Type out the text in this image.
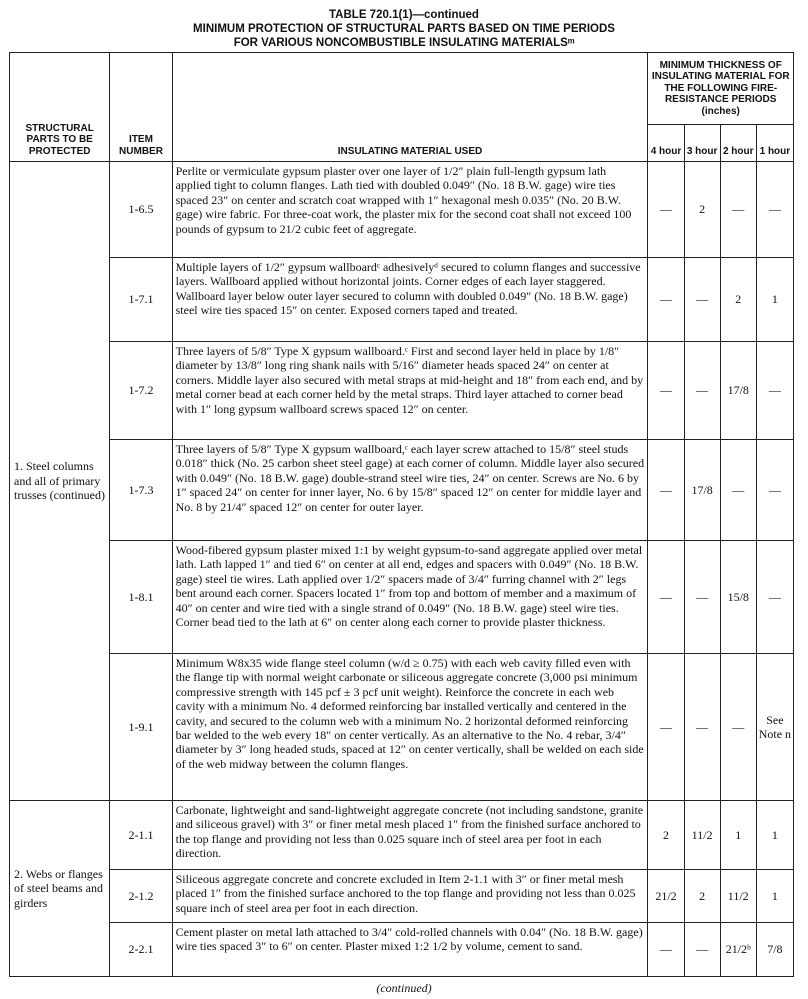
TABLE 720.1(1)—continued
MINIMUM PROTECTION OF STRUCTURAL PARTS BASED ON TIME PERIODS
FOR VARIOUS NONCOMBUSTIBLE INSULATING MATERIALSᵐ
STRUCTURAL PARTS TO BE PROTECTED	ITEM NUMBER	INSULATING MATERIAL USED	MINIMUM THICKNESS OF INSULATING MATERIAL FOR THE FOLLOWING FIRE-RESISTANCE PERIODS (inches)			
			4 hour	3 hour	2 hour	1 hour
1. Steel columns and all of primary trusses (continued)	1-6.5	Perlite or vermiculate gypsum plaster over one layer of 1/2″ plain full-length gypsum lath applied tight to column flanges. Lath tied with doubled 0.049″ (No. 18 B.W. gage) wire ties spaced 23″ on center and scratch coat wrapped with 1″ hexagonal mesh 0.035″ (No. 20 B.W. gage) wire fabric. For three-coat work, the plaster mix for the second coat shall not exceed 100 pounds of gypsum to 21/2 cubic feet of aggregate.	—	2	—	—
	1-7.1	Multiple layers of 1/2″ gypsum wallboardᶜ adhesivelyᵈ secured to column flanges and successive layers. Wallboard applied without horizontal joints. Corner edges of each layer staggered. Wallboard layer below outer layer secured to column with doubled 0.049″ (No. 18 B.W. gage) steel wire ties spaced 15″ on center. Exposed corners taped and treated.	—	—	2	1
	1-7.2	Three layers of 5/8″ Type X gypsum wallboard.ᶜ First and second layer held in place by 1/8″ diameter by 13/8″ long ring shank nails with 5/16″ diameter heads spaced 24″ on center at corners. Middle layer also secured with metal straps at mid-height and 18″ from each end, and by metal corner bead at each corner held by the metal straps. Third layer attached to corner bead with 1″ long gypsum wallboard screws spaced 12″ on center.	—	—	17/8	—
	1-7.3	Three layers of 5/8″ Type X gypsum wallboard,ᶜ each layer screw attached to 15/8″ steel studs 0.018″ thick (No. 25 carbon sheet steel gage) at each corner of column. Middle layer also secured with 0.049″ (No. 18 B.W. gage) double-strand steel wire ties, 24″ on center. Screws are No. 6 by 1″ spaced 24″ on center for inner layer, No. 6 by 15/8″ spaced 12″ on center for middle layer and No. 8 by 21/4″ spaced 12″ on center for outer layer.	—	17/8	—	—
	1-8.1	Wood-fibered gypsum plaster mixed 1:1 by weight gypsum-to-sand aggregate applied over metal lath. Lath lapped 1″ and tied 6″ on center at all end, edges and spacers with 0.049″ (No. 18 B.W. gage) steel tie wires. Lath applied over 1/2″ spacers made of 3/4″ furring channel with 2″ legs bent around each corner. Spacers located 1″ from top and bottom of member and a maximum of 40″ on center and wire tied with a single strand of 0.049″ (No. 18 B.W. gage) steel wire ties. Corner bead tied to the lath at 6″ on center along each corner to provide plaster thickness.	—	—	15/8	—
	1-9.1	Minimum W8x35 wide flange steel column (w/d ≥ 0.75) with each web cavity filled even with the flange tip with normal weight carbonate or siliceous aggregate concrete (3,000 psi minimum compressive strength with 145 pcf ± 3 pcf unit weight). Reinforce the concrete in each web cavity with a minimum No. 4 deformed reinforcing bar installed vertically and centered in the cavity, and secured to the column web with a minimum No. 2 horizontal deformed reinforcing bar welded to the web every 18″ on center vertically. As an alternative to the No. 4 rebar, 3/4″ diameter by 3″ long headed studs, spaced at 12″ on center vertically, shall be welded on each side of the web midway between the column flanges.	—	—	—	See Note n
2. Webs or flanges of steel beams and girders	2-1.1	Carbonate, lightweight and sand-lightweight aggregate concrete (not including sandstone, granite and siliceous gravel) with 3″ or finer metal mesh placed 1″ from the finished surface anchored to the top flange and providing not less than 0.025 square inch of steel area per foot in each direction.	2	11/2	1	1
	2-1.2	Siliceous aggregate concrete and concrete excluded in Item 2-1.1 with 3″ or finer metal mesh placed 1″ from the finished surface anchored to the top flange and providing not less than 0.025 square inch of steel area per foot in each direction.	21/2	2	11/2	1
	2-2.1	Cement plaster on metal lath attached to 3/4″ cold-rolled channels with 0.04″ (No. 18 B.W. gage) wire ties spaced 3″ to 6″ on center. Plaster mixed 1:2 1/2 by volume, cement to sand.	—	—	21/2ᵇ	7/8
(continued)
